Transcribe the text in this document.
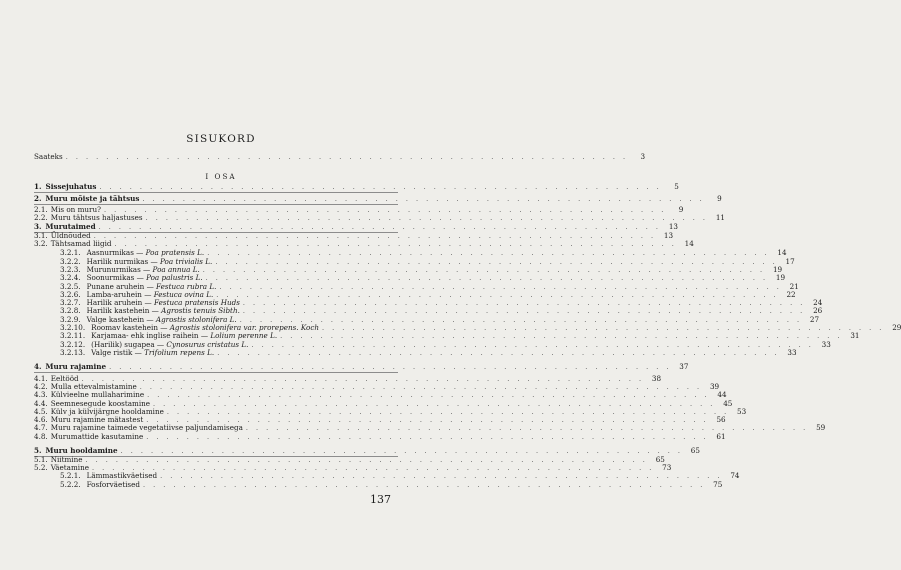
SISUKORD
Saateks . . . . . . . . . . . . . . . . . . . . . . . . . . . . . . . . . . . . . . . . . . . . . . . . . . . . . . . .	3
I OSA
1. Sissejuhatus . . . . . . . . . . . . . . . . . . . . . . . . . . . . . . . . . . . . . . . . . . . . . . . . . . . . . . . .	5
2. Muru mõiste ja tähtsus . . . . . . . . . . . . . . . . . . . . . . . . . . . . . . . . . . . . . . . . . . . . . . . . . . . . . . . .	9
2.1. Mis on muru? . . . . . . . . . . . . . . . . . . . . . . . . . . . . . . . . . . . . . . . . . . . . . . . . . . . . . . . .	9
2.2. Muru tähtsus haljastuses . . . . . . . . . . . . . . . . . . . . . . . . . . . . . . . . . . . . . . . . . . . . . . . . . . . . . . . .	11
3. Murutaimed . . . . . . . . . . . . . . . . . . . . . . . . . . . . . . . . . . . . . . . . . . . . . . . . . . . . . . . .	13
3.1. Üldnõuded . . . . . . . . . . . . . . . . . . . . . . . . . . . . . . . . . . . . . . . . . . . . . . . . . . . . . . . .	13
3.2. Tähtsamad liigid . . . . . . . . . . . . . . . . . . . . . . . . . . . . . . . . . . . . . . . . . . . . . . . . . . . . . . . .	14
3.2.1. Aasnurmikas — Poa pratensis L. . . . . . . . . . . . . . . . . . . . . . . . . . . . . . . . . . . . . . . . . . . . . . . . . . . . . . . . .	14
3.2.2. Harilik nurmikas — Poa trivialis L. . . . . . . . . . . . . . . . . . . . . . . . . . . . . . . . . . . . . . . . . . . . . . . . . . . . . . . . .	17
3.2.3. Murunurmikas — Poa annua L. . . . . . . . . . . . . . . . . . . . . . . . . . . . . . . . . . . . . . . . . . . . . . . . . . . . . . . . .	19
3.2.4. Soonurmikas — Poa palustris L. . . . . . . . . . . . . . . . . . . . . . . . . . . . . . . . . . . . . . . . . . . . . . . . . . . . . . . . .	19
3.2.5. Punane aruhein — Festuca rubra L. . . . . . . . . . . . . . . . . . . . . . . . . . . . . . . . . . . . . . . . . . . . . . . . . . . . . . . . .	21
3.2.6. Lamba-aruhein — Festuca ovina L. . . . . . . . . . . . . . . . . . . . . . . . . . . . . . . . . . . . . . . . . . . . . . . . . . . . . . . . .	22
3.2.7. Harilik aruhein — Festuca pratensis Huds . . . . . . . . . . . . . . . . . . . . . . . . . . . . . . . . . . . . . . . . . . . . . . . . . . . . . . . .	24
3.2.8. Harilik kastehein — Agrostis tenuis Sibth. . . . . . . . . . . . . . . . . . . . . . . . . . . . . . . . . . . . . . . . . . . . . . . . . . . . . . . . .	26
3.2.9. Valge kastehein — Agrostis stolonifera L. . . . . . . . . . . . . . . . . . . . . . . . . . . . . . . . . . . . . . . . . . . . . . . . . . . . . . . . .	27
3.2.10. Roomav kastehein — Agrostis stolonifera var. prorepens. Koch . . . . . . . . . . . . . . . . . . . . . . . . . . . . . . . . . . . . . . . . . . . . . . . . . . . . . . . .	29
3.2.11. Karjamaa- ehk inglise raihein — Lolium perenne L. . . . . . . . . . . . . . . . . . . . . . . . . . . . . . . . . . . . . . . . . . . . . . . . . . . . . . . . .	31
3.2.12. (Harilik) sugapea — Cynosurus cristatus L. . . . . . . . . . . . . . . . . . . . . . . . . . . . . . . . . . . . . . . . . . . . . . . . . . . . . . . . .	33
3.2.13. Valge ristik — Trifolium repens L. . . . . . . . . . . . . . . . . . . . . . . . . . . . . . . . . . . . . . . . . . . . . . . . . . . . . . . . .	33
4. Muru rajamine . . . . . . . . . . . . . . . . . . . . . . . . . . . . . . . . . . . . . . . . . . . . . . . . . . . . . . . .	37
4.1. Eeltööd . . . . . . . . . . . . . . . . . . . . . . . . . . . . . . . . . . . . . . . . . . . . . . . . . . . . . . . .	38
4.2. Mulla ettevalmistamine . . . . . . . . . . . . . . . . . . . . . . . . . . . . . . . . . . . . . . . . . . . . . . . . . . . . . . . .	39
4.3. Külvieelne mullaharimine . . . . . . . . . . . . . . . . . . . . . . . . . . . . . . . . . . . . . . . . . . . . . . . . . . . . . . . .	44
4.4. Seemnesegude koostamine . . . . . . . . . . . . . . . . . . . . . . . . . . . . . . . . . . . . . . . . . . . . . . . . . . . . . . . .	45
4.5. Külv ja külvijärgne hooldamine . . . . . . . . . . . . . . . . . . . . . . . . . . . . . . . . . . . . . . . . . . . . . . . . . . . . . . . .	53
4.6. Muru rajamine mätastest . . . . . . . . . . . . . . . . . . . . . . . . . . . . . . . . . . . . . . . . . . . . . . . . . . . . . . . .	56
4.7. Muru rajamine taimede vegetatiivse paljundamisega . . . . . . . . . . . . . . . . . . . . . . . . . . . . . . . . . . . . . . . . . . . . . . . . . . . . . . . .	59
4.8. Murumattide kasutamine . . . . . . . . . . . . . . . . . . . . . . . . . . . . . . . . . . . . . . . . . . . . . . . . . . . . . . . .	61
5. Muru hooldamine . . . . . . . . . . . . . . . . . . . . . . . . . . . . . . . . . . . . . . . . . . . . . . . . . . . . . . . .	65
5.1. Niitmine . . . . . . . . . . . . . . . . . . . . . . . . . . . . . . . . . . . . . . . . . . . . . . . . . . . . . . . .	65
5.2. Väetamine . . . . . . . . . . . . . . . . . . . . . . . . . . . . . . . . . . . . . . . . . . . . . . . . . . . . . . . .	73
5.2.1. Lämmastikväetised . . . . . . . . . . . . . . . . . . . . . . . . . . . . . . . . . . . . . . . . . . . . . . . . . . . . . . . .	74
5.2.2. Fosforväetised . . . . . . . . . . . . . . . . . . . . . . . . . . . . . . . . . . . . . . . . . . . . . . . . . . . . . . . .	75
137
